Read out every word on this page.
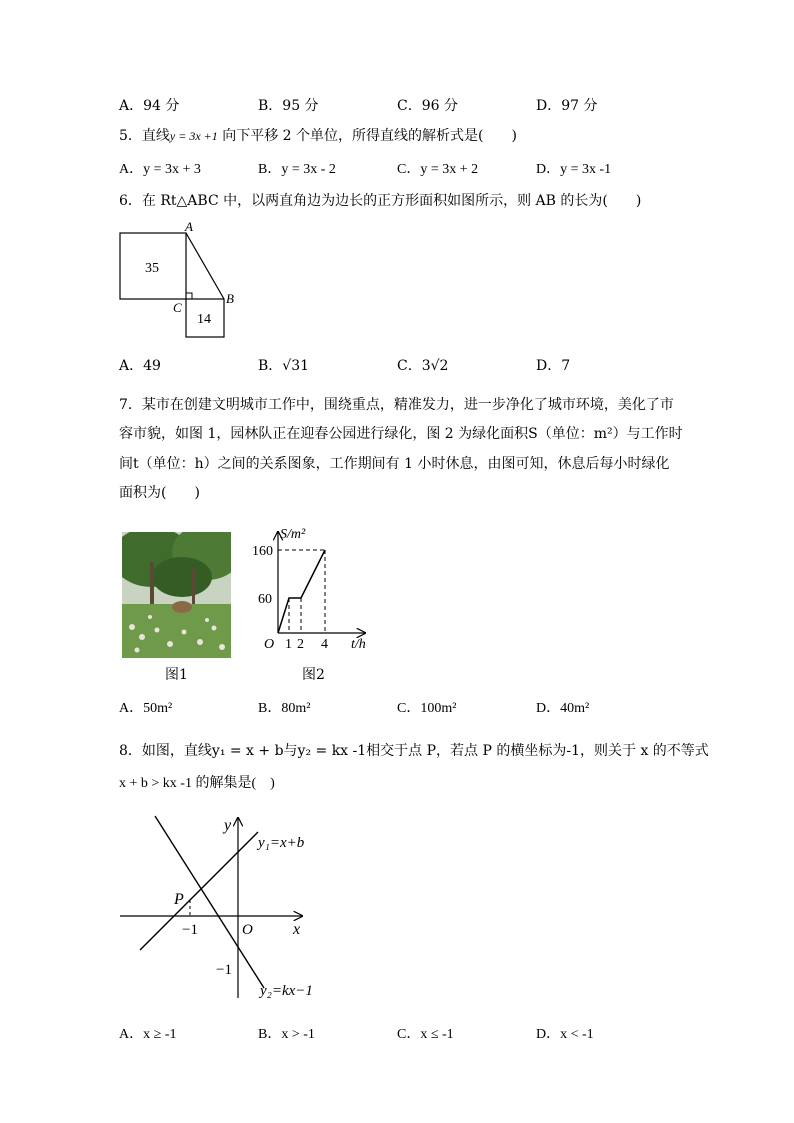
A．94 分	B．95 分	C．96 分	D．97 分
5．直线y = 3x +1 向下平移 2 个单位，所得直线的解析式是(　　)
A．y = 3x + 3	B．y = 3x - 2	C．y = 3x + 2	D．y = 3x -1
6．在 Rt△ABC 中，以两直角边为边长的正方形面积如图所示，则 AB 的长为(　　)
A
B
C
35
14
A．49	B．√31	C．3√2	D．7
7．某市在创建文明城市工作中，围绕重点，精准发力，进一步净化了城市环境，美化了市
容市貌，如图 1，园林队正在迎春公园进行绿化，图 2 为绿化面积S（单位：m²）与工作时
间t（单位：h）之间的关系图象，工作期间有 1 小时休息，由图可知，休息后每小时绿化
面积为(　　)
图1
S/m²
160
60
O 1 2 4 t/h
图2
A．50m²	B．80m²	C．100m²	D．40m²
8．如图，直线y₁ = x + b与y₂ = kx -1相交于点 P，若点 P 的横坐标为-1，则关于 x 的不等式
x + b > kx -1 的解集是(　)
y
x
O
P
−1
−1
y₁=x+b
y₂=kx−1
A．x ≥ -1	B．x > -1	C．x ≤ -1	D．x < -1
